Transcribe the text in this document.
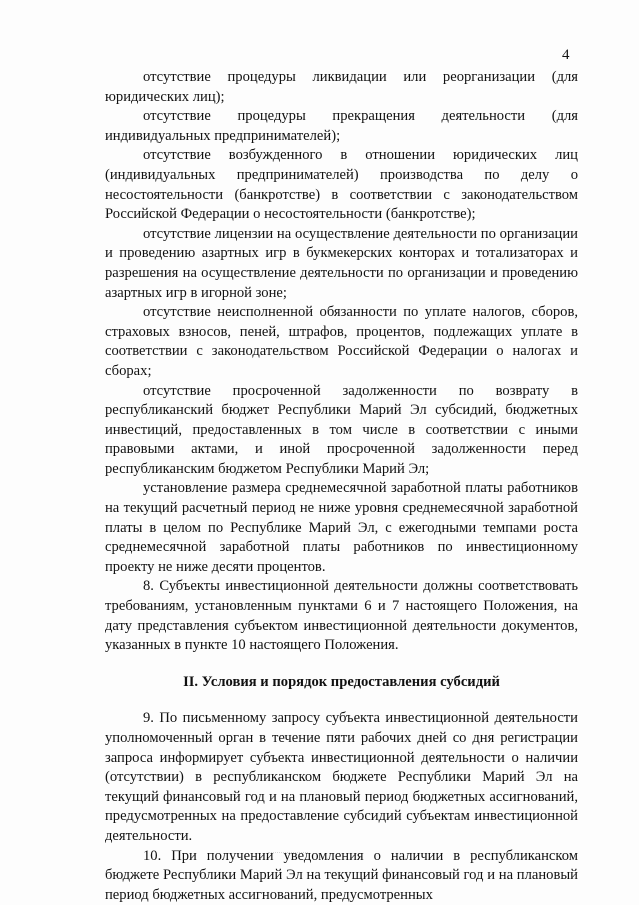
4

отсутствие процедуры ликвидации или реорганизации (для юридических лиц);

отсутствие процедуры прекращения деятельности (для индивидуальных предпринимателей);

отсутствие возбужденного в отношении юридических лиц (индивидуальных предпринимателей) производства по делу о несостоятельности (банкротстве) в соответствии с законодательством Российской Федерации о несостоятельности (банкротстве);

отсутствие лицензии на осуществление деятельности по организации и проведению азартных игр в букмекерских конторах и тотализаторах и разрешения на осуществление деятельности по организации и проведению азартных игр в игорной зоне;

отсутствие неисполненной обязанности по уплате налогов, сборов, страховых взносов, пеней, штрафов, процентов, подлежащих уплате в соответствии с законодательством Российской Федерации о налогах и сборах;

отсутствие просроченной задолженности по возврату в республиканский бюджет Республики Марий Эл субсидий, бюджетных инвестиций, предоставленных в том числе в соответствии с иными правовыми актами, и иной просроченной задолженности перед республиканским бюджетом Республики Марий Эл;

установление размера среднемесячной заработной платы работников на текущий расчетный период не ниже уровня среднемесячной заработной платы в целом по Республике Марий Эл, с ежегодными темпами роста среднемесячной заработной платы работников по инвестиционному проекту не ниже десяти процентов.

8. Субъекты инвестиционной деятельности должны соответствовать требованиям, установленным пунктами 6 и 7 настоящего Положения, на дату представления субъектом инвестиционной деятельности документов, указанных в пункте 10 настоящего Положения.

II. Условия и порядок предоставления субсидий

9. По письменному запросу субъекта инвестиционной деятельности уполномоченный орган в течение пяти рабочих дней со дня регистрации запроса информирует субъекта инвестиционной деятельности о наличии (отсутствии) в республиканском бюджете Республики Марий Эл на текущий финансовый год и на плановый период бюджетных ассигнований, предусмотренных на предоставление субсидий субъектам инвестиционной деятельности.

10. При получении уведомления о наличии в республиканском бюджете Республики Марий Эл на текущий финансовый год и на плановый период бюджетных ассигнований, предусмотренных
